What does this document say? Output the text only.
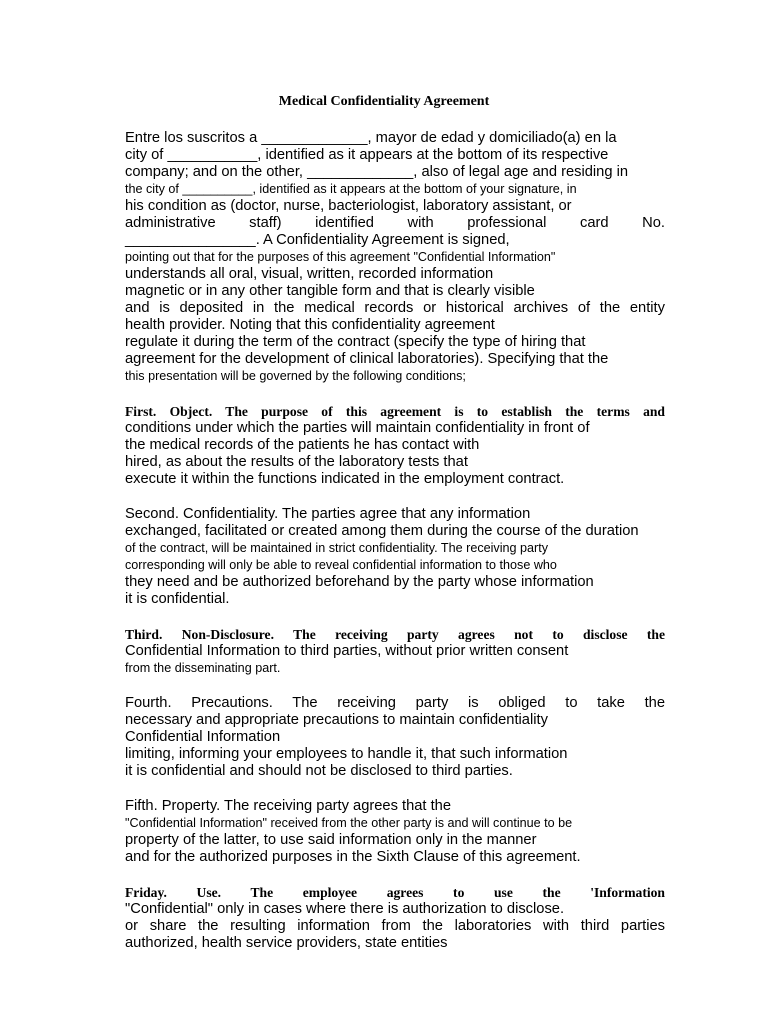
Medical Confidentiality Agreement
Entre los suscritos a _____________, mayor de edad y domiciliado(a) en la
city of ___________, identified as it appears at the bottom of its respective
company; and on the other, _____________, also of legal age and residing in
the city of __________, identified as it appears at the bottom of your signature, in
his condition as (doctor, nurse, bacteriologist, laboratory assistant, or
administrative staff) identified with professional card No.
________________. A Confidentiality Agreement is signed,
pointing out that for the purposes of this agreement "Confidential Information"
understands all oral, visual, written, recorded information
magnetic or in any other tangible form and that is clearly visible
and is deposited in the medical records or historical archives of the entity
health provider. Noting that this confidentiality agreement
regulate it during the term of the contract (specify the type of hiring that
agreement for the development of clinical laboratories). Specifying that the
this presentation will be governed by the following conditions;
First. Object. The purpose of this agreement is to establish the terms and
conditions under which the parties will maintain confidentiality in front of
the medical records of the patients he has contact with
hired, as about the results of the laboratory tests that
execute it within the functions indicated in the employment contract.
Second. Confidentiality. The parties agree that any information
exchanged, facilitated or created among them during the course of the duration
of the contract, will be maintained in strict confidentiality. The receiving party
corresponding will only be able to reveal confidential information to those who
they need and be authorized beforehand by the party whose information
it is confidential.
Third. Non-Disclosure. The receiving party agrees not to disclose the
Confidential Information to third parties, without prior written consent
from the disseminating part.
Fourth. Precautions. The receiving party is obliged to take the
necessary and appropriate precautions to maintain confidentiality
Confidential Information
limiting, informing your employees to handle it, that such information
it is confidential and should not be disclosed to third parties.
Fifth. Property. The receiving party agrees that the
"Confidential Information" received from the other party is and will continue to be
property of the latter, to use said information only in the manner
and for the authorized purposes in the Sixth Clause of this agreement.
Friday. Use. The employee agrees to use the 'Information
"Confidential" only in cases where there is authorization to disclose.
or share the resulting information from the laboratories with third parties
authorized, health service providers, state entities
